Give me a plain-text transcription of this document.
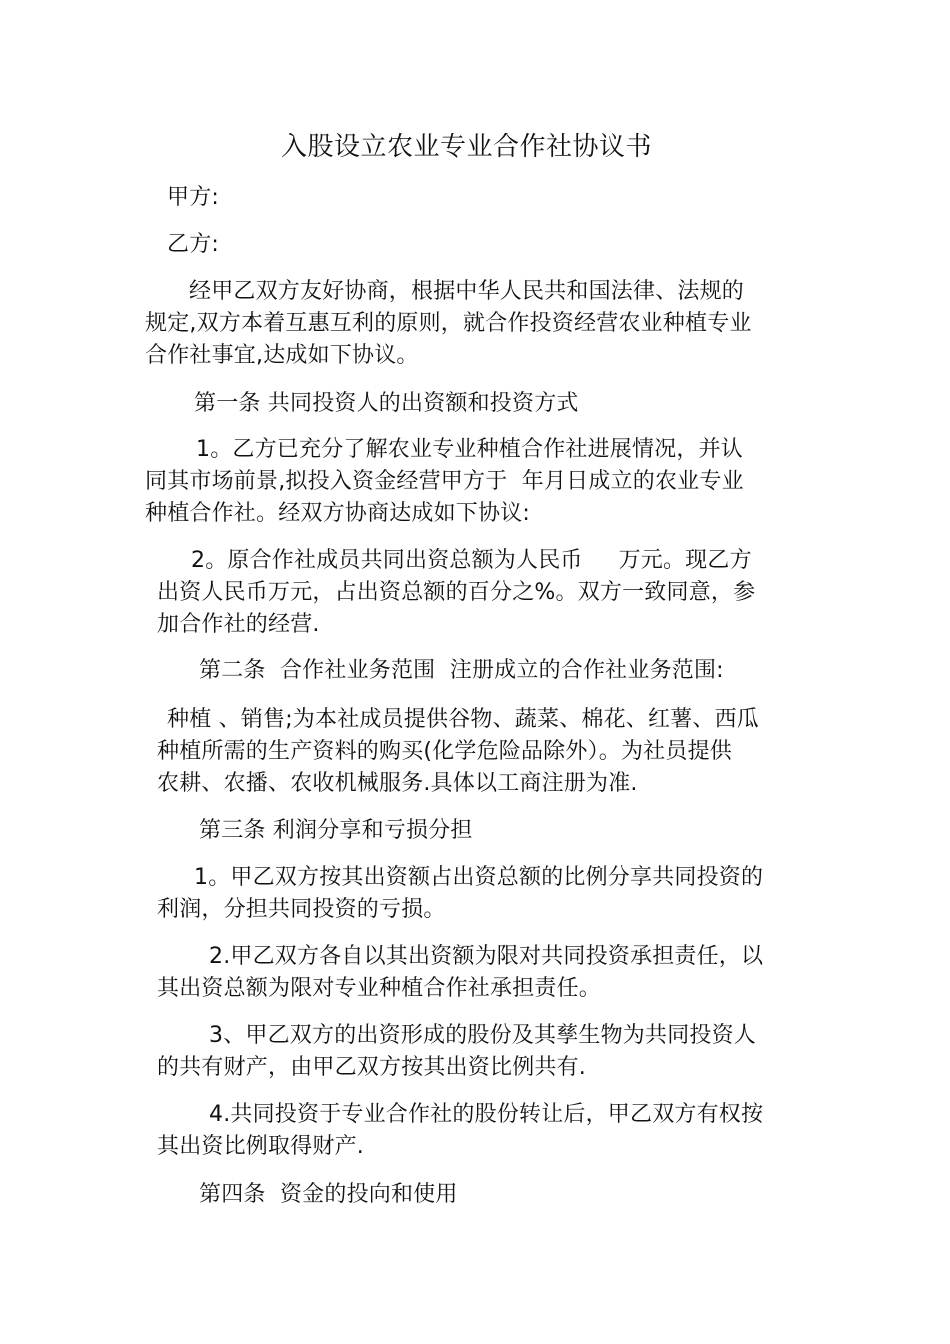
入股设立农业专业合作社协议书
甲方:
乙方:
经甲乙双方友好协商，根据中华人民共和国法律、法规的
规定,双方本着互惠互利的原则，就合作投资经营农业种植专业
合作社事宜,达成如下协议。
第一条 共同投资人的出资额和投资方式
1。乙方已充分了解农业专业种植合作社进展情况，并认
同其市场前景,拟投入资金经营甲方于  年月日成立的农业专业
种植合作社。经双方协商达成如下协议:
2。原合作社成员共同出资总额为人民币     万元。现乙方
出资人民币万元，占出资总额的百分之%。双方一致同意，参
加合作社的经营.
第二条  合作社业务范围  注册成立的合作社业务范围:
种植 、销售;为本社成员提供谷物、蔬菜、棉花、红薯、西瓜
种植所需的生产资料的购买(化学危险品除外）。为社员提供
农耕、农播、农收机械服务.具体以工商注册为准.
第三条 利润分享和亏损分担
1。甲乙双方按其出资额占出资总额的比例分享共同投资的
利润，分担共同投资的亏损。
2.甲乙双方各自以其出资额为限对共同投资承担责任，以
其出资总额为限对专业种植合作社承担责任。
3、甲乙双方的出资形成的股份及其孳生物为共同投资人
的共有财产，由甲乙双方按其出资比例共有.
4.共同投资于专业合作社的股份转让后，甲乙双方有权按
其出资比例取得财产.
第四条  资金的投向和使用
